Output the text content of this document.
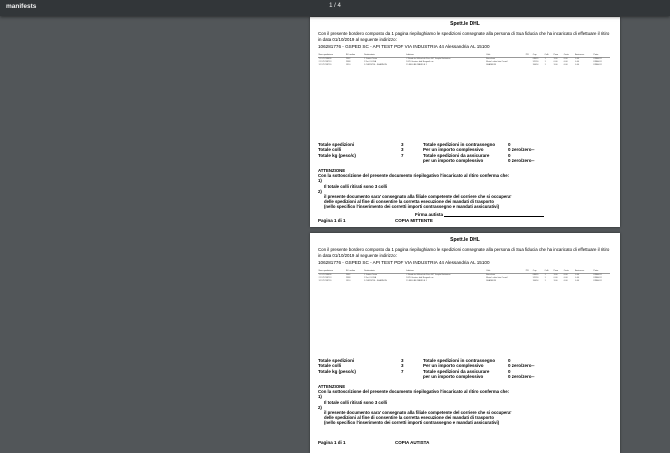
manifests	1 / 4
Spett.le DHL
Con il presente bordero composto da 1 pagina riepiloghiamo le spedizioni consegnate alla persona di Sua fiducia che ha incaricato di effettuare il ritiro in data 01/10/2019 al seguente indirizzo:
106281776 - GSPED SC - API TEST PDF VIA INDUSTRIA 44 Alessandria AL 15100
Num spedizione	Rif. ordine	Destinatario	Indirizzo	Città	PR	Cap	Colli	Peso	Contr.	Assicuraz.	Porto
1 1575758696	2362	1 James Tomo	2 Wood da Wilfred do Peru 447 Temple Barberton	Barcelona		08039	1	3.00	0.00	0.00	FRANCO
2 1575758713	2388	2 Dai OLOVA	1025 Gestres brid Braganil rue	Marie Luttier brie Carmil		92190	1	0.00	0.00	0.00	FRANCO
3 1575758720	1310	3 CHRISTIE - SHANNON	15 BELLBE PAEIFLE 1	SHANNON		34054	1	3.00	0.00	0.00	FRANCO
Totale spedizioni	3	Totale spedizioni in contrassegno	0
Totale colli	3	Per un importo complessivo	0 zero/zero--
Totale kg (peso/c)	7	Totale spedizioni da assicurare	0
per un importo complessivo	0 zero/zero--
ATTENZIONE
Con la sottoscrizione del presente documento riepilogativo l'incaricato al ritiro conferma che:
1)
Il totale colli ritirati sono 3 colli
2)
il presente documento sara' consegnato alla filiale competente del corriere che si occupera'
delle spedizioni al fine di consentire la corretta esecuzione dei mandati di trasporto
(nello specifico l'inserimento dei corretti importi contrassegno e mandati assicurativi)
Firma autista
Pagina 1 di 1	COPIA MITTENTE
Spett.le DHL
Con il presente bordero composto da 1 pagina riepiloghiamo le spedizioni consegnate alla persona di Sua fiducia che ha incaricato di effettuare il ritiro in data 01/10/2019 al seguente indirizzo:
106281776 - GSPED SC - API TEST PDF VIA INDUSTRIA 44 Alessandria AL 15100
Num spedizione	Rif. ordine	Destinatario	Indirizzo	Città	PR	Cap	Colli	Peso	Contr.	Assicuraz.	Porto
1 1575758696	2362	1 James Tomo	2 Wood da Wilfred do Peru 447 Temple Barberton	Barcelona		08039	1	3.00	0.00	0.00	FRANCO
2 1575758713	2388	2 Dai OLOVA	1025 Gestres brid Braganil rue	Marie Luttier brie Carmil		92190	1	0.00	0.00	0.00	FRANCO
3 1575758720	1310	3 CHRISTIE - SHANNON	15 BELLBE PAEIFLE 1	SHANNON		34054	1	3.00	0.00	0.00	FRANCO
Totale spedizioni	3	Totale spedizioni in contrassegno	0
Totale colli	3	Per un importo complessivo	0 zero/zero--
Totale kg (peso/c)	7	Totale spedizioni da assicurare	0
per un importo complessivo	0 zero/zero--
ATTENZIONE
Con la sottoscrizione del presente documento riepilogativo l'incaricato al ritiro conferma che:
1)
Il totale colli ritirati sono 3 colli
2)
il presente documento sara' consegnato alla filiale competente del corriere che si occupera'
delle spedizioni al fine di consentire la corretta esecuzione dei mandati di trasporto
(nello specifico l'inserimento dei corretti importi contrassegno e mandati assicurativi)
Pagina 1 di 1	COPIA AUTISTA
